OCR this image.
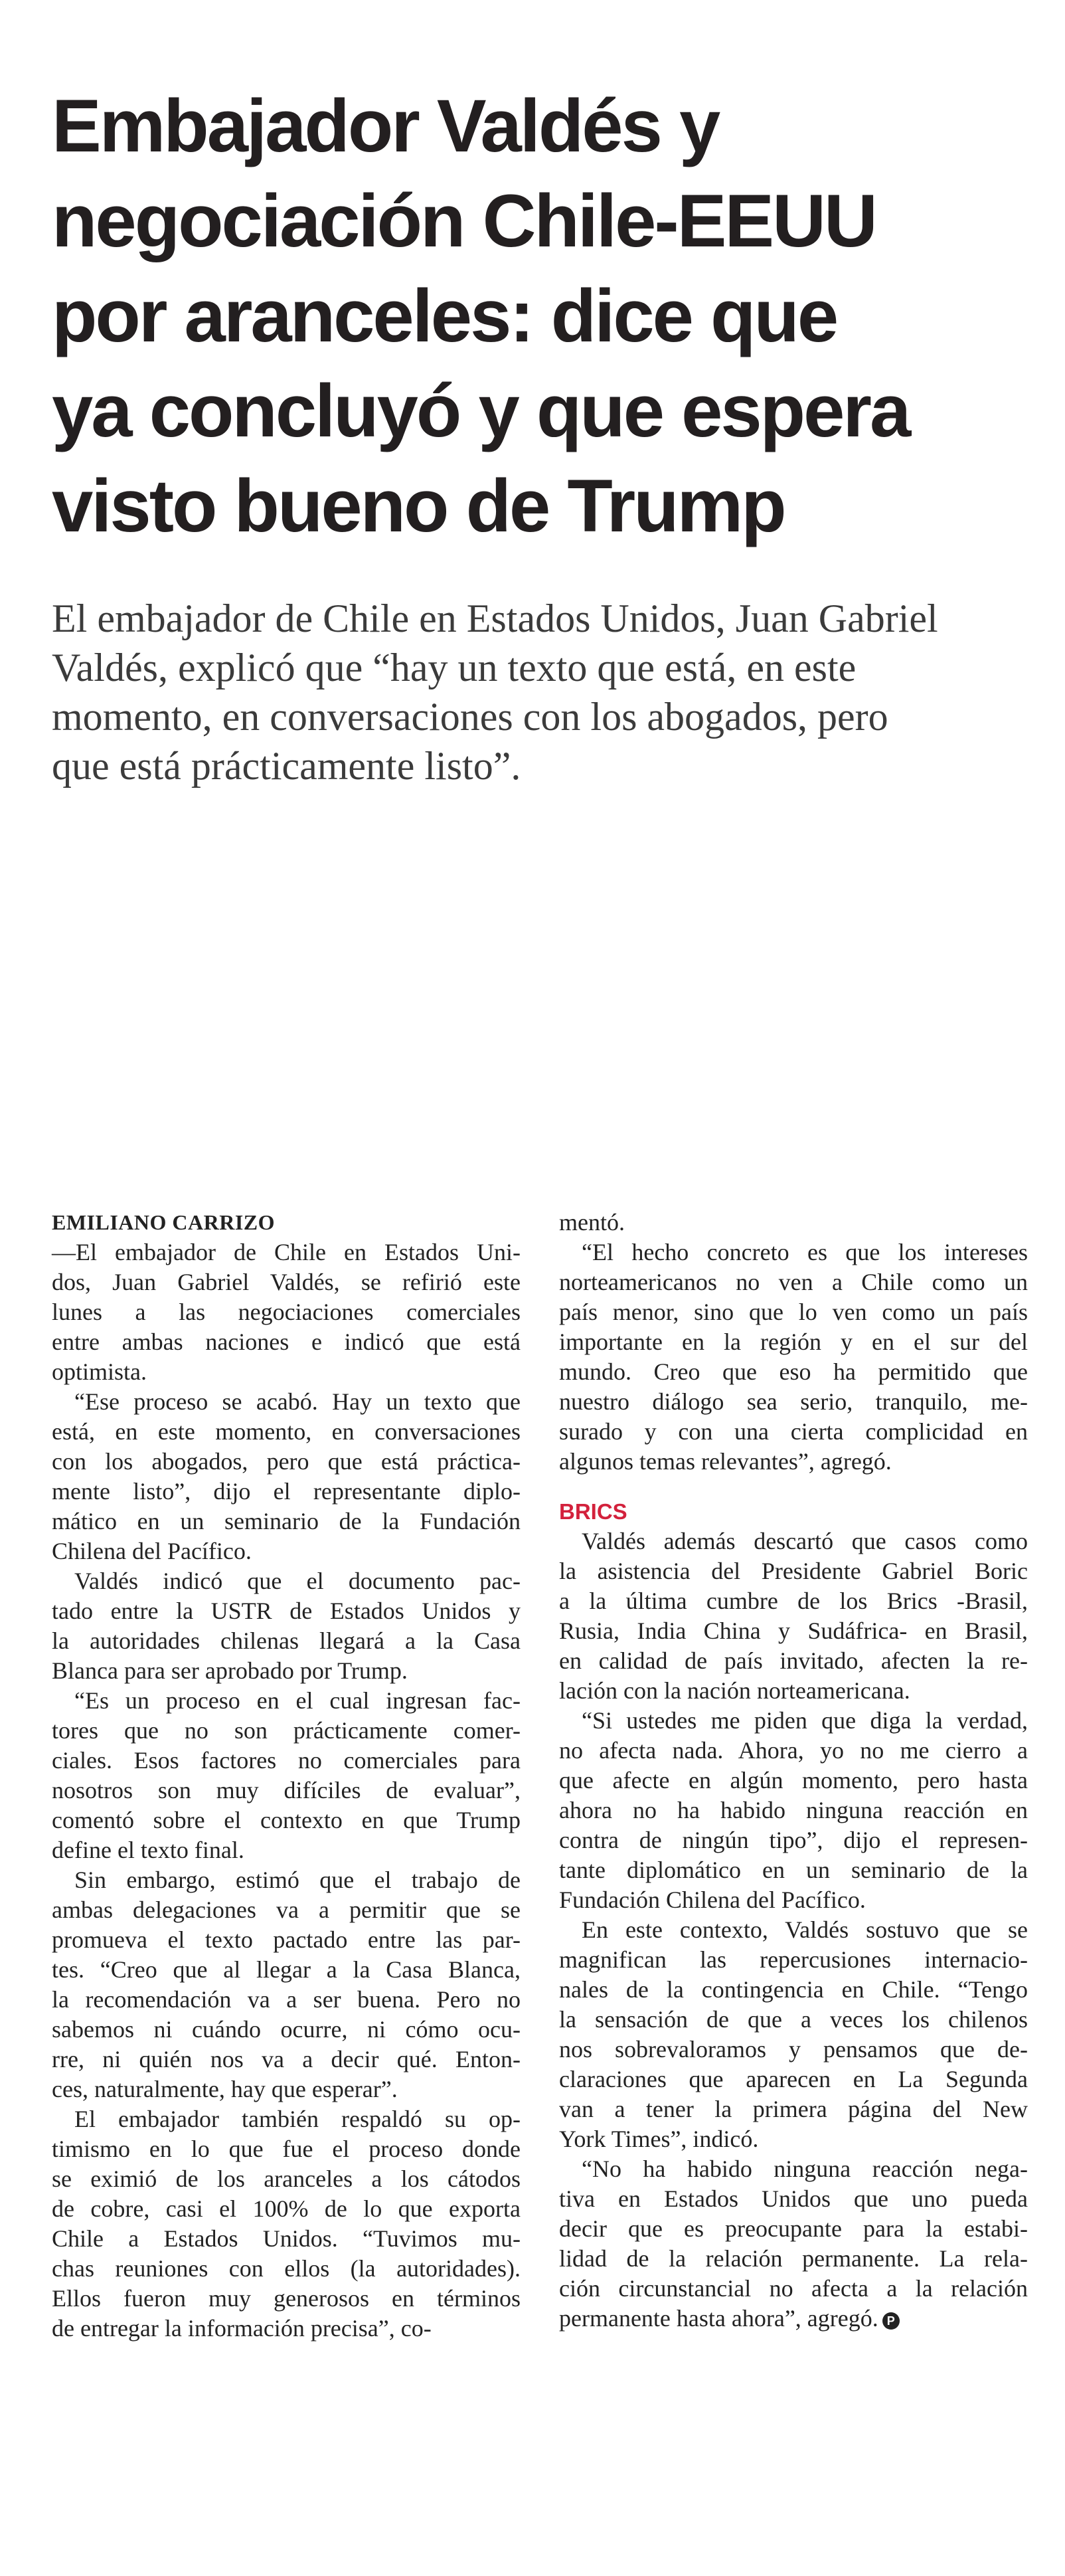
Embajador Valdés y
negociación Chile-EEUU
por aranceles: dice que
ya concluyó y que espera
visto bueno de Trump

El embajador de Chile en Estados Unidos, Juan Gabriel
Valdés, explicó que “hay un texto que está, en este
momento, en conversaciones con los abogados, pero
que está prácticamente listo”.

EMILIANO CARRIZO
—El embajador de Chile en Estados Uni-
dos, Juan Gabriel Valdés, se refirió este
lunes a las negociaciones comerciales
entre ambas naciones e indicó que está
optimista.
“Ese proceso se acabó. Hay un texto que
está, en este momento, en conversaciones
con los abogados, pero que está práctica-
mente listo”, dijo el representante diplo-
mático en un seminario de la Fundación
Chilena del Pacífico.
Valdés indicó que el documento pac-
tado entre la USTR de Estados Unidos y
la autoridades chilenas llegará a la Casa
Blanca para ser aprobado por Trump.
“Es un proceso en el cual ingresan fac-
tores que no son prácticamente comer-
ciales. Esos factores no comerciales para
nosotros son muy difíciles de evaluar”,
comentó sobre el contexto en que Trump
define el texto final.
Sin embargo, estimó que el trabajo de
ambas delegaciones va a permitir que se
promueva el texto pactado entre las par-
tes. “Creo que al llegar a la Casa Blanca,
la recomendación va a ser buena. Pero no
sabemos ni cuándo ocurre, ni cómo ocu-
rre, ni quién nos va a decir qué. Enton-
ces, naturalmente, hay que esperar”.
El embajador también respaldó su op-
timismo en lo que fue el proceso donde
se eximió de los aranceles a los cátodos
de cobre, casi el 100% de lo que exporta
Chile a Estados Unidos. “Tuvimos mu-
chas reuniones con ellos (la autoridades).
Ellos fueron muy generosos en términos
de entregar la información precisa”, co-
mentó.
“El hecho concreto es que los intereses
norteamericanos no ven a Chile como un
país menor, sino que lo ven como un país
importante en la región y en el sur del
mundo. Creo que eso ha permitido que
nuestro diálogo sea serio, tranquilo, me-
surado y con una cierta complicidad en
algunos temas relevantes”, agregó.
BRICS
Valdés además descartó que casos como
la asistencia del Presidente Gabriel Boric
a la última cumbre de los Brics -Brasil,
Rusia, India China y Sudáfrica- en Brasil,
en calidad de país invitado, afecten la re-
lación con la nación norteamericana.
“Si ustedes me piden que diga la verdad,
no afecta nada. Ahora, yo no me cierro a
que afecte en algún momento, pero hasta
ahora no ha habido ninguna reacción en
contra de ningún tipo”, dijo el represen-
tante diplomático en un seminario de la
Fundación Chilena del Pacífico.
En este contexto, Valdés sostuvo que se
magnifican las repercusiones internacio-
nales de la contingencia en Chile. “Tengo
la sensación de que a veces los chilenos
nos sobrevaloramos y pensamos que de-
claraciones que aparecen en La Segunda
van a tener la primera página del New
York Times”, indicó.
“No ha habido ninguna reacción nega-
tiva en Estados Unidos que uno pueda
decir que es preocupante para la estabi-
lidad de la relación permanente. La rela-
ción circunstancial no afecta a la relación
permanente hasta ahora”, agregó. P
